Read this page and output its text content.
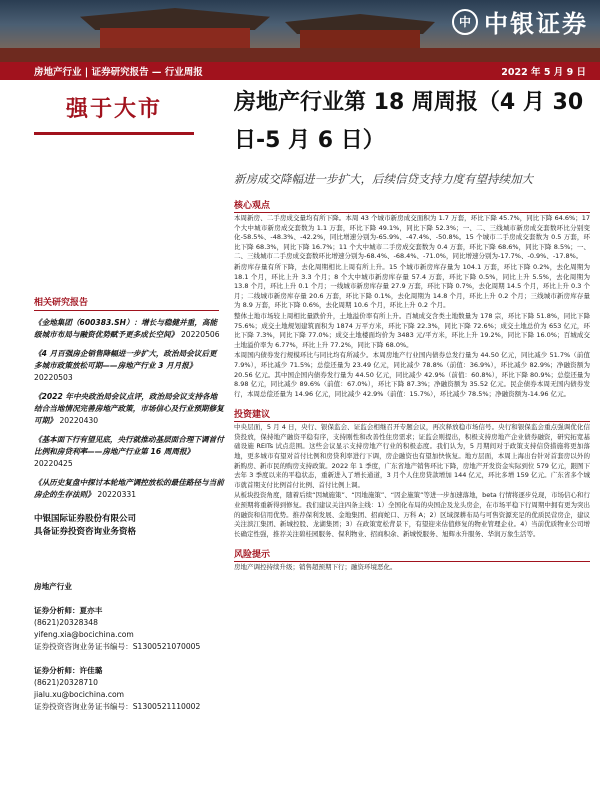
中 中银证券
房地产行业 | 证券研究报告 — 行业周报	2022 年 5 月 9 日
强于大市
相关研究报告
《金地集团（600383.SH）：增长与稳健并重，高能级城市布局与融资优势赋予更多成长空间》 20220506
《4 月百强房企销售降幅进一步扩大，政治局会议后更多城市政策放松可期——房地产行业 3 月月报》 20220503
《2022 年中央政治局会议点评，政治局会议支持各地结合当地情况完善房地产政策，市场信心及行业预期修复可期》 20220430
《基本面下行有望见底，央行就推动基层面合理下调首付比例和房贷利率——房地产行业第 16 周周报》 20220425
《从历史复盘中探讨本轮地产调控放松的最佳路径与当前房企的生存法则》 20220331
中银国际证券股份有限公司
具备证券投资咨询业务资格
房地产行业
证券分析师：夏亦丰
(8621)20328348
yifeng.xia@bocichina.com
证券投资咨询业务证书编号：S1300521070005
证券分析师：许佳璐
(8621)20328710
jialu.xu@bocichina.com
证券投资咨询业务证书编号：S1300521110002
房地产行业第 18 周周报（4 月 30 日-5 月 6 日）
新房成交降幅进一步扩大，后续信贷支持力度有望持续加大
核心观点
本周新房、二手房成交量均有所下降。本周 43 个城市新房成交面积为 1.7 万套，环比下降 45.7%，同比下降 64.6%；17 个大中城市新房成交套数为 1.1 万套，环比下降 49.1%，同比下降 52.3%；一、二、三线城市新房成交套数环比分别变化-58.5%、-48.3%、-42.2%，同比增速分别为-65.9%、-47.4%、-50.8%。15 个城市二手房成交套数为 0.5 万套，环比下降 68.3%，同比下降 16.7%；11 个大中城市二手房成交套数为 0.4 万套，环比下降 68.6%，同比下降 8.5%；一、二、三线城市二手房成交套数环比增速分别为-68.4%、-68.4%、-71.0%，同比增速分别为-17.7%、-0.9%、-17.8%。
新房库存量有所下降，去化周期相比上周有所上升。15 个城市新房库存量为 104.1 万套，环比下降 0.2%，去化周期为 18.1 个月，环比上升 3.3 个月；8 个大中城市新房库存量 57.4 万套，环比下降 0.5%，同比上升 5.5%，去化周期为 13.8 个月，环比上升 0.1 个月；一线城市新房库存量 27.9 万套，环比下降 0.7%，去化周期 14.5 个月，环比上升 0.3 个月；二线城市新房库存量 20.6 万套，环比下降 0.1%，去化周期为 14.8 个月，环比上升 0.2 个月；三线城市新房库存量为 8.9 万套，环比下降 0.6%，去化周期 10.6 个月，环比上升 0.2 个月。
整体土地市场较上周相比量跌价升，土地溢价率有所上升。百城成交含类土地数量为 178 宗，环比下降 51.8%，同比下降 75.6%；成交土地规划建筑面积为 1874 万平方米，环比下降 22.3%，同比下降 72.6%；成交土地总价为 653 亿元，环比下降 7.3%，同比下降 77.0%；成交土地楼面均价为 3483 元/平方米，环比上升 19.2%，同比下降 16.0%；百城成交土地溢价率为 6.77%，环比上升 77.2%，同比下降 68.0%。
本周国内债券发行规模环比与同比均有所减少。本周房地产行业国内债券总发行量为 44.50 亿元，同比减少 51.7%（前值 7.9%），环比减少 71.5%；总偿还量为 23.49 亿元，同比减少 78.8%（前值：36.9%），环比减少 82.9%；净融资额为 20.56 亿元。其中国企国内债券发行量为 44.50 亿元，同比减少 42.9%（前值：60.8%），环比下降 80.9%；总偿还量为 8.98 亿元，同比减少 89.6%（前值：67.0%），环比下降 87.3%；净融资额为 35.52 亿元。民企债券本周无国内债券发行，本周总偿还量为 14.96 亿元，同比减少 42.9%（前值：15.7%），环比减少 78.5%；净融资额为-14.96 亿元。
投资建议
中央层面，5 月 4 日，央行、银保监会、证监会相继召开专题会议，再次释放稳市场信号。央行和银保监会重点强调优化信贷投放，保持地产融资平稳有序，支持刚性和改善性住房需求；证监会则提出，积极支持房地产企业债券融资，研究拓宽基础设施 REITs 试点范围。这些会议显示支持房地产行业的积极态度。我们认为，5 月期间对于政策支持信贷措施将更加落地，更多城市有望对首付比例和房贷利率进行下调，房企融资也有望加快恢复。地方层面，本周上海出台针对首套房以外的新购房、新市民的购房支持政策。2022 年 1 季度，广东省地产销售环比下降，房地产开发资金实际到位 579 亿元，跟图下去年 3 季度以来的平稳状态，重新进入了增长通道，3 月个人住房贷款增加 144 亿元，环比多增 159 亿元。广东省多个城市就首期支付比例首付比例、首付比例上调。
从板块投资角度，随着后续“因城施策”、“因地施策”、“因企施策”等进一步加速落地，beta 行情将逐步兑现，市场信心和行业预期将重新得到修复。我们建议关注四条主线：1）全国化布局的央国企及龙头房企，在市场平稳下行周期中拥有更为突出的融资和信用优势。推荐保利发展、金地集团、招商蛇口、万科 A；2）区域深耕布局与可售资源充足的优质民营房企，建议关注滨江集团、新城控股、龙湖集团；3）在政策宽松背景下，有望迎来估值修复的物业管理企业。4）当前优质物业公司增长确定性强，推荐关注碧桂园服务、保利物业、招商积余、新城悦服务、旭辉永升服务、华润万象生活等。
风险提示
房地产调控持续升级；销售超预期下行；融资环境恶化。
